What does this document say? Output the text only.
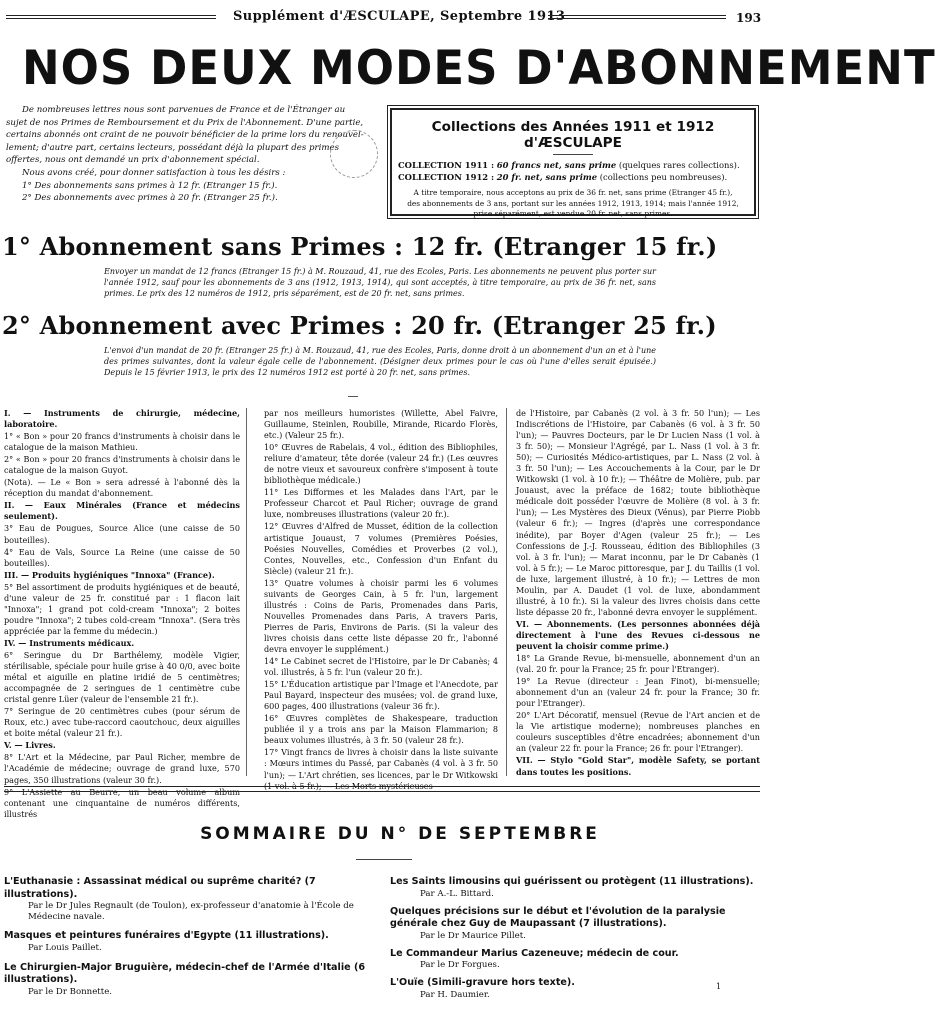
Supplément d'ÆSCULAPE, Septembre 1913	193
NOS DEUX MODES D'ABONNEMENT

De nombreuses lettres nous sont parvenues de France et de l'Étranger au

sujet de nos Primes de Remboursement et du Prix de l'Abonnement. D'une partie,

certains abonnés ont craint de ne pouvoir bénéficier de la prime lors du renouvel-

lement; d'autre part, certains lecteurs, possédant déjà la plupart des primes

offertes, nous ont demandé un prix d'abonnement spécial.

Nous avons créé, pour donner satisfaction à tous les désirs :

1° Des abonnements sans primes à 12 fr. (Etranger 15 fr.).

2° Des abonnements avec primes à 20 fr. (Etranger 25 fr.).

Collections des Années 1911 et 1912 d'ÆSCULAPE
COLLECTION 1911 : 60 francs net, sans prime (quelques rares collections).
COLLECTION 1912 : 20 fr. net, sans prime (collections peu nombreuses).
A titre temporaire, nous acceptons au prix de 36 fr. net, sans prime (Etranger 45 fr.), des abonnements de 3 ans, portant sur les années 1912, 1913, 1914; mais l'année 1912, prise séparément, est vendue 20 fr. net, sans primes.
1° Abonnement sans Primes : 12 fr. (Etranger 15 fr.)
Envoyer un mandat de 12 francs (Etranger 15 fr.) à M. Rouzaud, 41, rue des Ecoles, Paris. Les abonnements ne peuvent plus porter sur l'année 1912, sauf pour les abonnements de 3 ans (1912, 1913, 1914), qui sont acceptés, à titre temporaire, au prix de 36 fr. net, sans primes. Le prix des 12 numéros de 1912, pris séparément, est de 20 fr. net, sans primes.
2° Abonnement avec Primes : 20 fr. (Etranger 25 fr.)
L'envoi d'un mandat de 20 fr. (Etranger 25 fr.) à M. Rouzaud, 41, rue des Ecoles, Paris, donne droit à un abonnement d'un an et à l'une des primes suivantes, dont la valeur égale celle de l'abonnement. (Désigner deux primes pour le cas où l'une d'elles serait épuisée.) Depuis le 15 février 1913, le prix des 12 numéros 1912 est porté à 20 fr. net, sans primes.

I. — Instruments de chirurgie, médecine, laboratoire.

1° « Bon » pour 20 francs d'instruments à choisir dans le catalogue de la maison Mathieu.

2° « Bon » pour 20 francs d'instruments à choisir dans le catalogue de la maison Guyot.

(Nota). — Le « Bon » sera adressé à l'abonné dès la réception du mandat d'abonnement.

II. — Eaux Minérales (France et médecins seulement).

3° Eau de Pougues, Source Alice (une caisse de 50 bouteilles).

4° Eau de Vals, Source La Reine (une caisse de 50 bouteilles).

III. — Produits hygiéniques "Innoxa" (France).

5° Bel assortiment de produits hygiéniques et de beauté, d'une valeur de 25 fr. constitué par : 1 flacon lait "Innoxa"; 1 grand pot cold-cream "Innoxa"; 2 boites poudre "Innoxa"; 2 tubes cold-cream "Innoxa". (Sera très appréciée par la femme du médecin.)

IV. — Instruments médicaux.

6° Seringue du Dr Barthélemy, modèle Vigier, stérilisable, spéciale pour huile grise à 40 0/0, avec boite métal et aiguille en platine iridié de 5 centimètres; accompagnée de 2 seringues de 1 centimètre cube cristal genre Lüer (valeur de l'ensemble 21 fr.).

7° Seringue de 20 centimètres cubes (pour sérum de Roux, etc.) avec tube-raccord caoutchouc, deux aiguilles et boite métal (valeur 21 fr.).

V. — Livres.

8° L'Art et la Médecine, par Paul Richer, membre de l'Académie de médecine; ouvrage de grand luxe, 570 pages, 350 illustrations (valeur 30 fr.).

9° L'Assiette au Beurre, un beau volume album contenant une cinquantaine de numéros différents, illustrés

par nos meilleurs humoristes (Willette, Abel Faivre, Guillaume, Steinlen, Roubille, Mirande, Ricardo Florès, etc.) (Valeur 25 fr.).

10° Œuvres de Rabelais, 4 vol., édition des Bibliophiles, reliure d'amateur, tête dorée (valeur 24 fr.) (Les œuvres de notre vieux et savoureux confrère s'imposent à toute bibliothèque médicale.)

11° Les Difformes et les Malades dans l'Art, par le Professeur Charcot et Paul Richer; ouvrage de grand luxe, nombreuses illustrations (valeur 20 fr.).

12° Œuvres d'Alfred de Musset, édition de la collection artistique Jouaust, 7 volumes (Premières Poésies, Poésies Nouvelles, Comédies et Proverbes (2 vol.), Contes, Nouvelles, etc., Confession d'un Enfant du Siècle) (valeur 21 fr.).

13° Quatre volumes à choisir parmi les 6 volumes suivants de Georges Cain, à 5 fr. l'un, largement illustrés : Coins de Paris, Promenades dans Paris, Nouvelles Promenades dans Paris, A travers Paris, Pierres de Paris, Environs de Paris. (Si la valeur des livres choisis dans cette liste dépasse 20 fr., l'abonné devra envoyer le supplément.)

14° Le Cabinet secret de l'Histoire, par le Dr Cabanès; 4 vol. illustrés, à 5 fr. l'un (valeur 20 fr.).

15° L'Éducation artistique par l'Image et l'Anecdote, par Paul Bayard, inspecteur des musées; vol. de grand luxe, 600 pages, 400 illustrations (valeur 36 fr.).

16° Œuvres complètes de Shakespeare, traduction publiée il y a trois ans par la Maison Flammarion; 8 beaux volumes illustrés, à 3 fr. 50 (valeur 28 fr.).

17° Vingt francs de livres à choisir dans la liste suivante : Mœurs intimes du Passé, par Cabanès (4 vol. à 3 fr. 50 l'un); — L'Art chrétien, ses licences, par le Dr Witkowski (1 vol. à 5 fr.); — Les Morts mystérieuses

de l'Histoire, par Cabanès (2 vol. à 3 fr. 50 l'un); — Les Indiscrétions de l'Histoire, par Cabanès (6 vol. à 3 fr. 50 l'un); — Pauvres Docteurs, par le Dr Lucien Nass (1 vol. à 3 fr. 50); — Monsieur l'Agrégé, par L. Nass (1 vol. à 3 fr. 50); — Curiosités Médico-artistiques, par L. Nass (2 vol. à 3 fr. 50 l'un); — Les Accouchements à la Cour, par le Dr Witkowski (1 vol. à 10 fr.); — Théâtre de Molière, pub. par Jouaust, avec la préface de 1682; toute bibliothèque médicale doit posséder l'œuvre de Molière (8 vol. à 3 fr. l'un); — Les Mystères des Dieux (Vénus), par Pierre Piobb (valeur 6 fr.); — Ingres (d'après une correspondance inédite), par Boyer d'Agen (valeur 25 fr.); — Les Confessions de J.-J. Rousseau, édition des Bibliophiles (3 vol. à 3 fr. l'un); — Marat inconnu, par le Dr Cabanès (1 vol. à 5 fr.); — Le Maroc pittoresque, par J. du Taillis (1 vol. de luxe, largement illustré, à 10 fr.); — Lettres de mon Moulin, par A. Daudet (1 vol. de luxe, abondamment illustré, à 10 fr.). Si la valeur des livres choisis dans cette liste dépasse 20 fr., l'abonné devra envoyer le supplément.

VI. — Abonnements. (Les personnes abonnées déjà directement à l'une des Revues ci-dessous ne peuvent la choisir comme prime.)

18° La Grande Revue, bi-mensuelle, abonnement d'un an (val. 20 fr. pour la France; 25 fr. pour l'Etranger).

19° La Revue (directeur : Jean Finot), bi-mensuelle; abonnement d'un an (valeur 24 fr. pour la France; 30 fr. pour l'Etranger).

20° L'Art Décoratif, mensuel (Revue de l'Art ancien et de la Vie artistique moderne); nombreuses planches en couleurs susceptibles d'être encadrées; abonnement d'un an (valeur 22 fr. pour la France; 26 fr. pour l'Etranger).

VII. — Stylo "Gold Star", modèle Safety, se portant dans toutes les positions.

SOMMAIRE DU N° DE SEPTEMBRE
L'Euthanasie : Assassinat médical ou suprême charité? (7 illustrations).
Par le Dr Jules Regnault (de Toulon), ex-professeur d'anatomie à l'École de Médecine navale.
Masques et peintures funéraires d'Egypte (11 illustrations).
Par Louis Paillet.
Le Chirurgien-Major Bruguière, médecin-chef de l'Armée d'Italie (6 illustrations).
Par le Dr Bonnette.
Les Saints limousins qui guérissent ou protègent (11 illustrations).
Par A.-L. Bittard.
Quelques précisions sur le début et l'évolution de la paralysie générale chez Guy de Maupassant (7 illustrations).
Par le Dr Maurice Pillet.
Le Commandeur Marius Cazeneuve; médecin de cour.
Par le Dr Forgues.
L'Ouïe (Simili-gravure hors texte).
Par H. Daumier.
1
